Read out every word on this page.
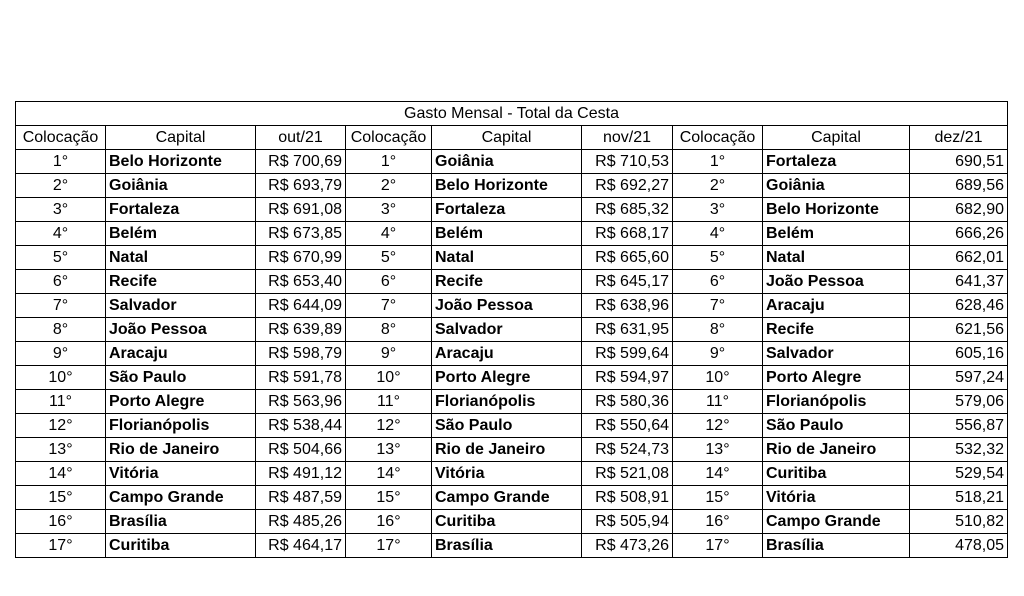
Gasto Mensal - Total da Cesta								
Colocação	Capital	out/21	Colocação	Capital	nov/21	Colocação	Capital	dez/21
1°	Belo Horizonte	R$ 700,69	1°	Goiânia	R$ 710,53	1°	Fortaleza	690,51
2°	Goiânia	R$ 693,79	2°	Belo Horizonte	R$ 692,27	2°	Goiânia	689,56
3°	Fortaleza	R$ 691,08	3°	Fortaleza	R$ 685,32	3°	Belo Horizonte	682,90
4°	Belém	R$ 673,85	4°	Belém	R$ 668,17	4°	Belém	666,26
5°	Natal	R$ 670,99	5°	Natal	R$ 665,60	5°	Natal	662,01
6°	Recife	R$ 653,40	6°	Recife	R$ 645,17	6°	João Pessoa	641,37
7°	Salvador	R$ 644,09	7°	João Pessoa	R$ 638,96	7°	Aracaju	628,46
8°	João Pessoa	R$ 639,89	8°	Salvador	R$ 631,95	8°	Recife	621,56
9°	Aracaju	R$ 598,79	9°	Aracaju	R$ 599,64	9°	Salvador	605,16
10°	São Paulo	R$ 591,78	10°	Porto Alegre	R$ 594,97	10°	Porto Alegre	597,24
11°	Porto Alegre	R$ 563,96	11°	Florianópolis	R$ 580,36	11°	Florianópolis	579,06
12°	Florianópolis	R$ 538,44	12°	São Paulo	R$ 550,64	12°	São Paulo	556,87
13°	Rio de Janeiro	R$ 504,66	13°	Rio de Janeiro	R$ 524,73	13°	Rio de Janeiro	532,32
14°	Vitória	R$ 491,12	14°	Vitória	R$ 521,08	14°	Curitiba	529,54
15°	Campo Grande	R$ 487,59	15°	Campo Grande	R$ 508,91	15°	Vitória	518,21
16°	Brasília	R$ 485,26	16°	Curitiba	R$ 505,94	16°	Campo Grande	510,82
17°	Curitiba	R$ 464,17	17°	Brasília	R$ 473,26	17°	Brasília	478,05
